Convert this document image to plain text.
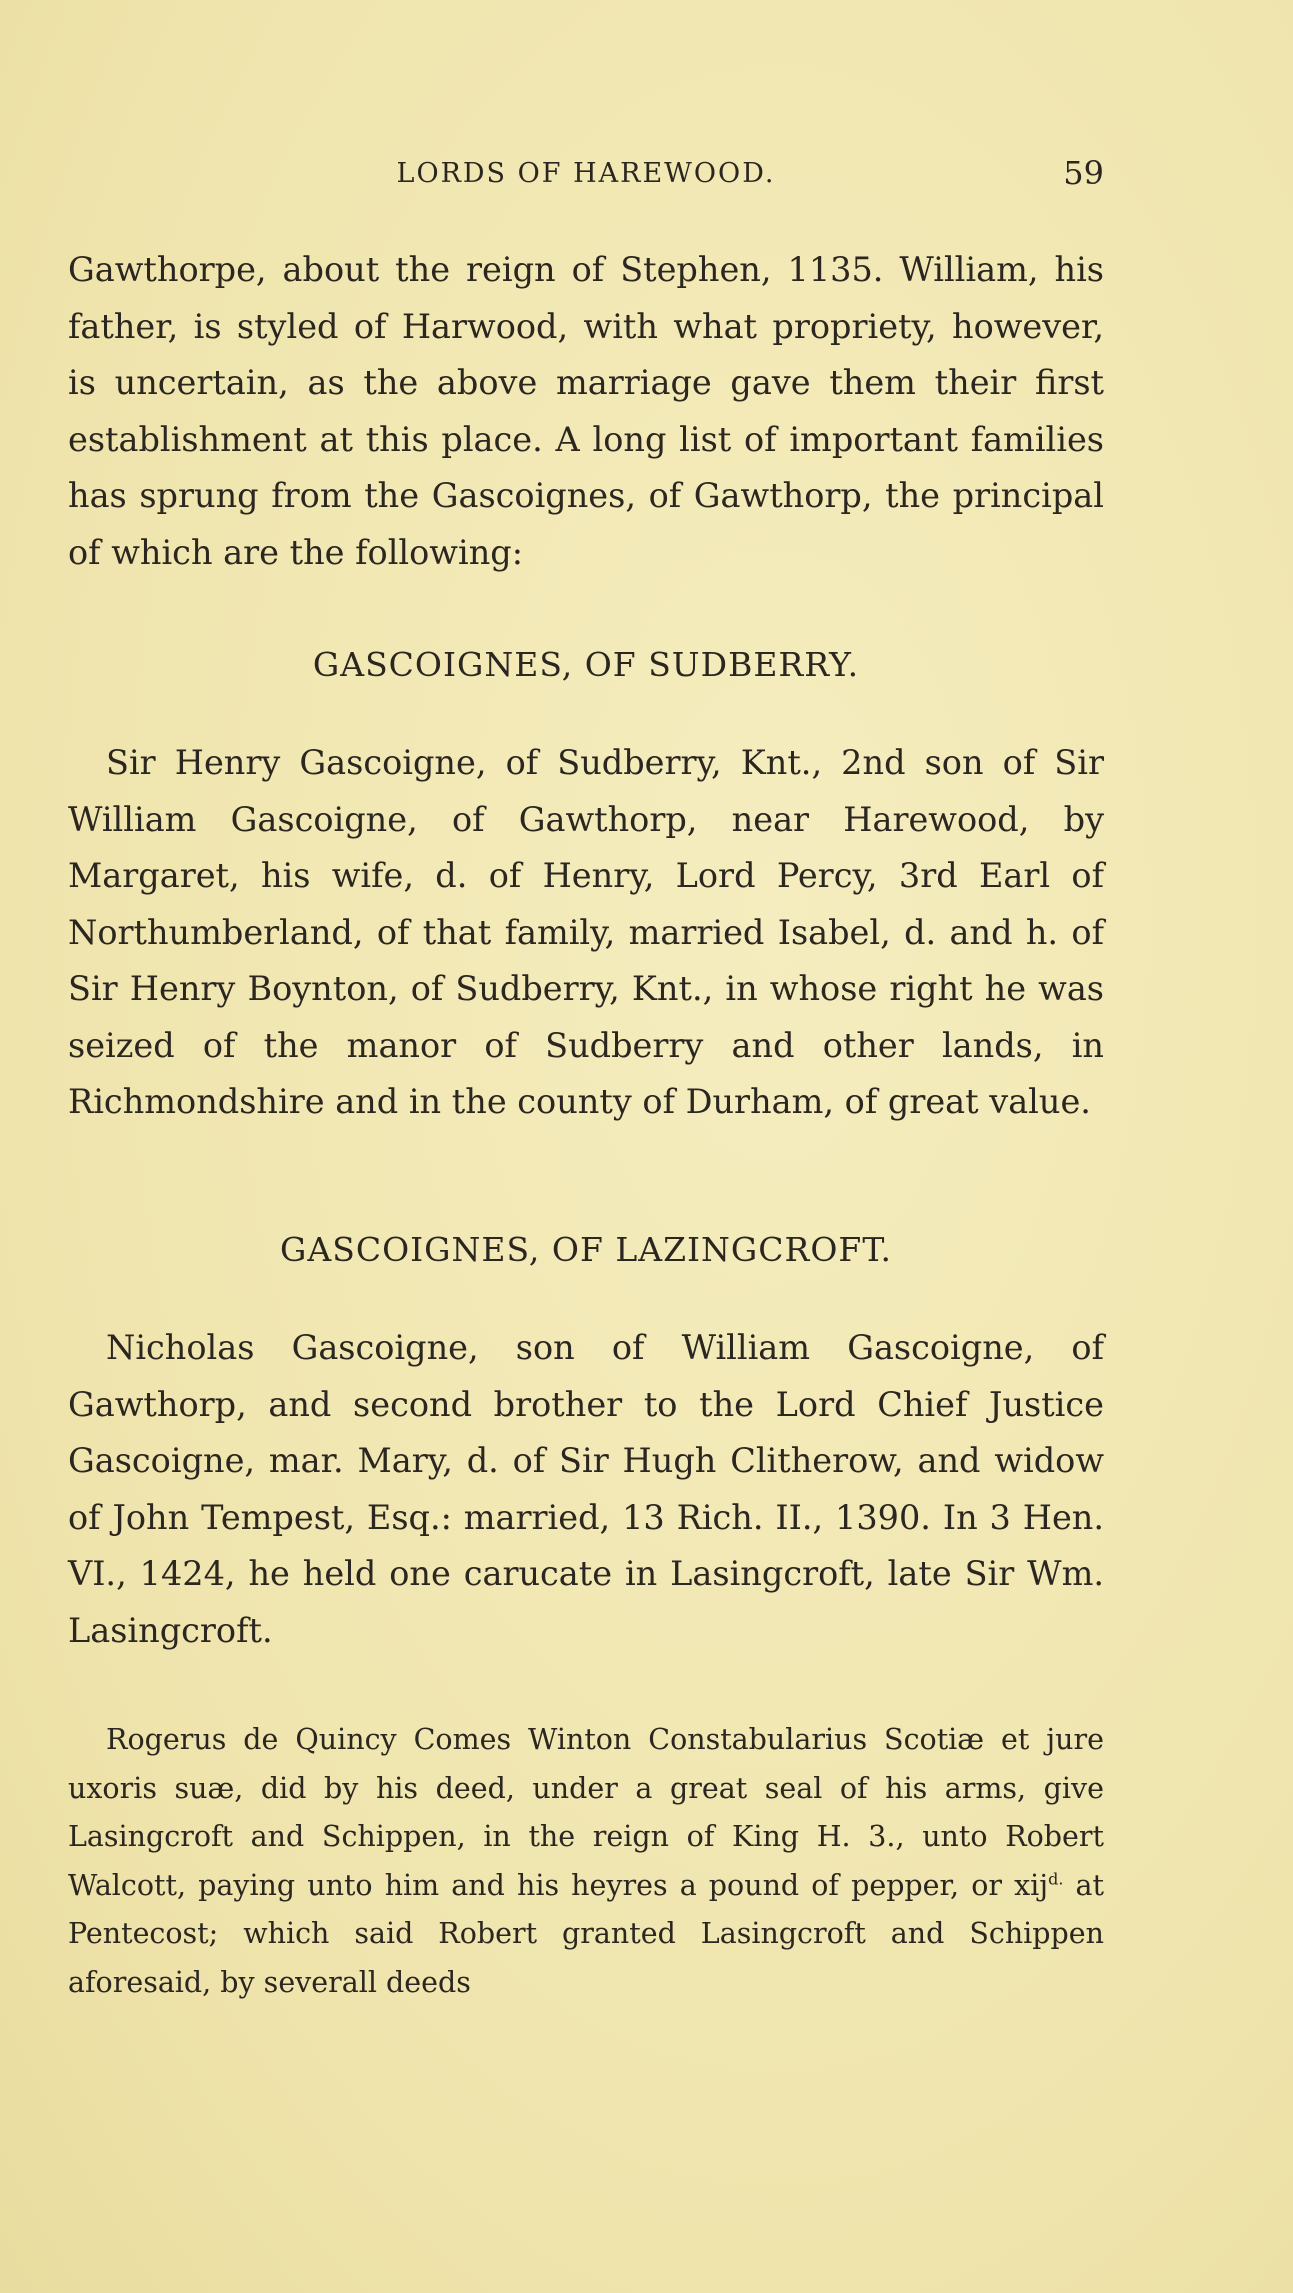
LORDS OF HAREWOOD.	59

Gawthorpe, about the reign of Stephen, 1135. William, his father, is styled of Harwood, with what propriety, however, is uncertain, as the above marriage gave them their first establishment at this place. A long list of important families has sprung from the Gascoignes, of Gawthorp, the principal of which are the following:

GASCOIGNES, OF SUDBERRY.

Sir Henry Gascoigne, of Sudberry, Knt., 2nd son of Sir William Gascoigne, of Gawthorp, near Harewood, by Margaret, his wife, d. of Henry, Lord Percy, 3rd Earl of Northumberland, of that family, married Isabel, d. and h. of Sir Henry Boynton, of Sudberry, Knt., in whose right he was seized of the manor of Sudberry and other lands, in Richmondshire and in the county of Durham, of great value.

GASCOIGNES, OF LAZINGCROFT.

Nicholas Gascoigne, son of William Gascoigne, of Gawthorp, and second brother to the Lord Chief Justice Gascoigne, mar. Mary, d. of Sir Hugh Clitherow, and widow of John Tempest, Esq.: married, 13 Rich. II., 1390. In 3 Hen. VI., 1424, he held one carucate in Lasingcroft, late Sir Wm. Lasingcroft.

Rogerus de Quincy Comes Winton Constabularius Scotiæ et jure uxoris suæ, did by his deed, under a great seal of his arms, give Lasingcroft and Schippen, in the reign of King H. 3., unto Robert Walcott, paying unto him and his heyres a pound of pepper, or xij$^{d.}$ at Pentecost; which said Robert granted Lasingcroft and Schippen aforesaid, by severall deeds
